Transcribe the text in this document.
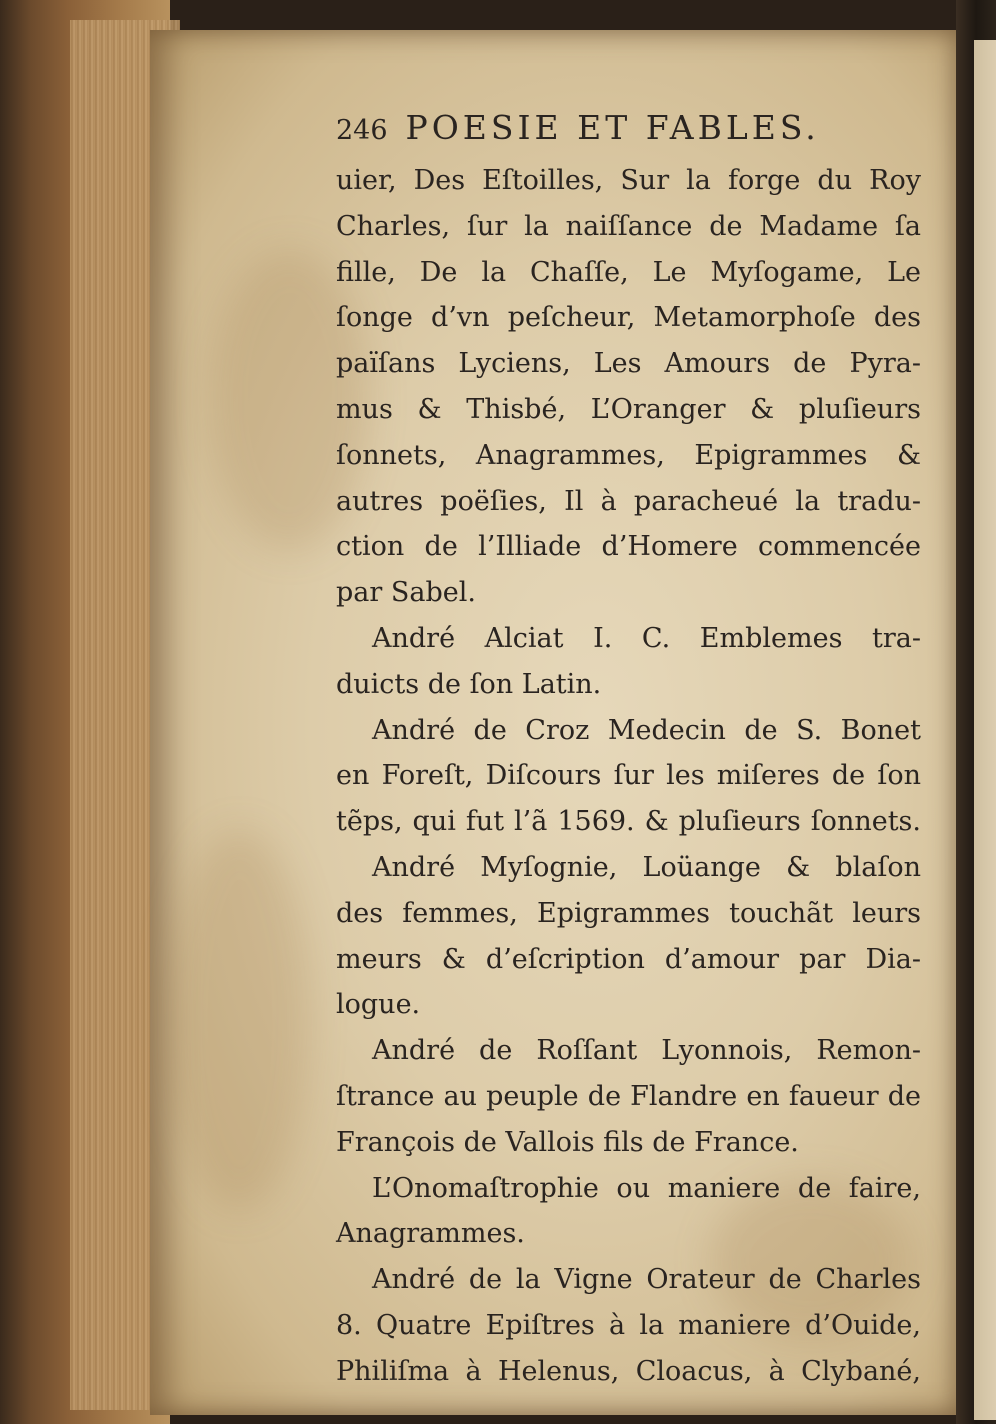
246 POESIE ET FABLES.
uier, Des Eſtoilles, Sur la forge du Roy
Charles, ſur la naiſſance de Madame ſa
fille, De la Chaſſe, Le Myſogame, Le
ſonge d’vn peſcheur, Metamorphoſe des
païſans Lyciens, Les Amours de Pyra-
mus & Thisbé, L’Oranger & pluſieurs
ſonnets, Anagrammes, Epigrammes &
autres poëſies, Il à paracheué la tradu-
ction de l’Illiade d’Homere commencée
par Sabel.
André Alciat I. C. Emblemes tra-
duicts de ſon Latin.
André de Croz Medecin de S. Bonet
en Foreſt, Diſcours ſur les miſeres de ſon
tẽps, qui fut l’ã 1569. & pluſieurs ſonnets.
André Myſognie, Loüange & blaſon
des femmes, Epigrammes touchãt leurs
meurs & d’eſcription d’amour par Dia-
logue.
André de Roſſant Lyonnois, Remon-
ſtrance au peuple de Flandre en faueur de
François de Vallois fils de France.
L’Onomaſtrophie ou maniere de faire,
Anagrammes.
André de la Vigne Orateur de Charles
8. Quatre Epiſtres à la maniere d’Ouide,
Philiſma à Helenus, Cloacus, à Clybané,
